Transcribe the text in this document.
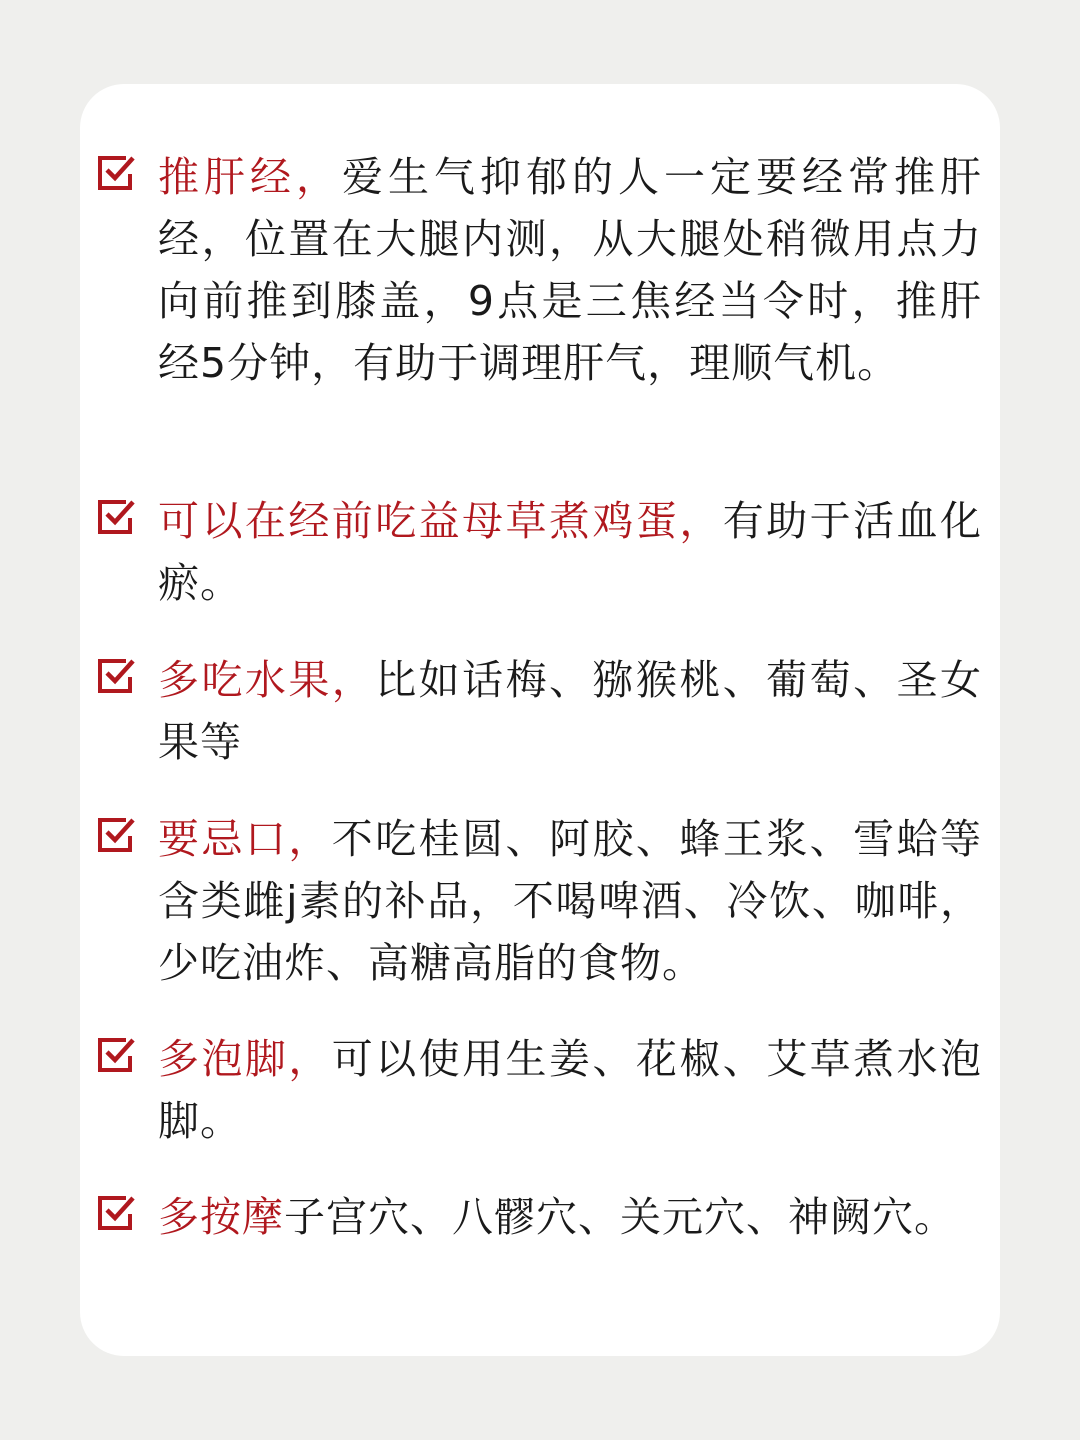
推肝经，爱生气抑郁的人一定要经常推肝经，位置在大腿内测，从大腿处稍微用点力向前推到膝盖，9点是三焦经当令时，推肝经5分钟，有助于调理肝气，理顺气机。
可以在经前吃益母草煮鸡蛋，有助于活血化瘀。
多吃水果，比如话梅、猕猴桃、葡萄、圣女果等
要忌口，不吃桂圆、阿胶、蜂王浆、雪蛤等含类雌j素的补品，不喝啤酒、冷饮、咖啡，少吃油炸、高糖高脂的食物。
多泡脚，可以使用生姜、花椒、艾草煮水泡脚。
多按摩子宫穴、八髎穴、关元穴、神阙穴。
